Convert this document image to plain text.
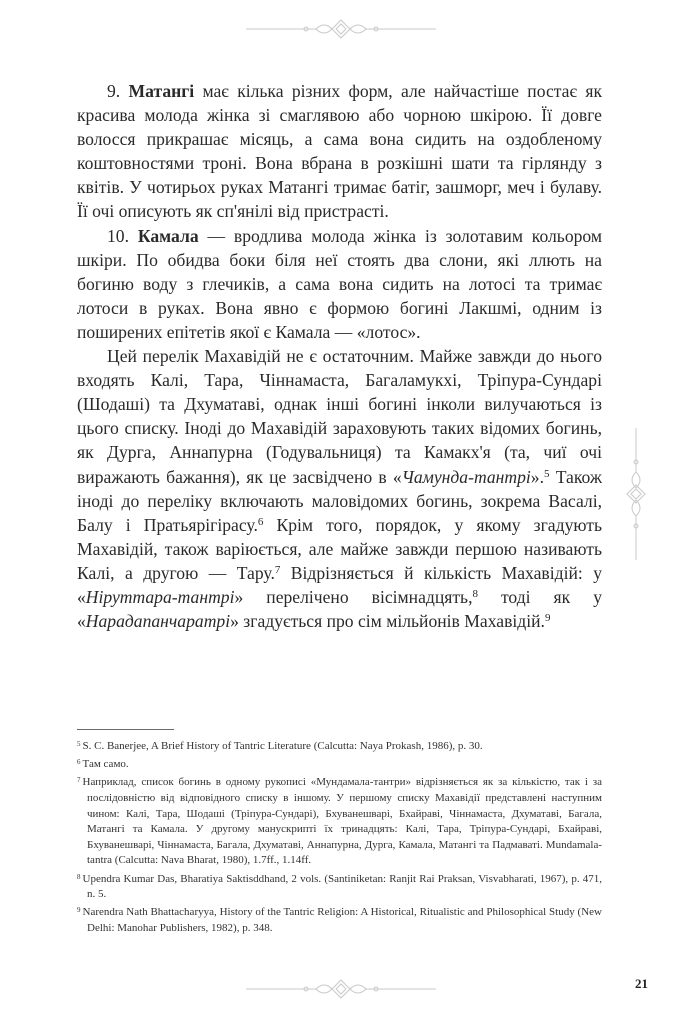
9. Матангі має кілька різних форм, але найчастіше постає як красива молода жінка зі смаглявою або чорною шкірою. Її довге волосся прикрашає місяць, а сама вона сидить на оздобленому коштовностями троні. Вона вбрана в розкішні шати та гірлянду з квітів. У чотирьох руках Матангі тримає батіг, зашморг, меч і булаву. Її очі описують як сп'янілі від пристрасті.

10. Камала — вродлива молода жінка із золотавим кольором шкіри. По обидва боки біля неї стоять два слони, які ллють на богиню воду з глечиків, а сама вона сидить на лотосі та тримає лотоси в руках. Вона явно є формою богині Лакшмі, одним із поширених епітетів якої є Камала — «лотос».

Цей перелік Махавідій не є остаточним. Майже завжди до нього входять Калі, Тара, Чіннамаста, Багаламукхі, Тріпура-Сундарі (Шодаші) та Дхуматаві, однак інші богині інколи вилучаються із цього списку. Іноді до Махавідій зараховують таких відомих богинь, як Дурга, Аннапурна (Годувальниця) та Камакх'я (та, чиї очі виражають бажання), як це засвідчено в «Чамунда-тантрі».$^5$ Також іноді до переліку включають маловідомих богинь, зокрема Васалі, Балу і Пратьярігірасу.$^6$ Крім того, порядок, у якому згадують Махавідій, також варіюється, але майже завжди першою називають Калі, а другою — Тару.$^7$ Відрізняється й кількість Махавідій: у «Ніруттара-тантрі» перелічено вісімнадцять,$^8$ тоді як у «Нарадапанчаратрі» згадується про сім мільйонів Махавідій.$^9$

$^5$ S. C. Banerjee, A Brief History of Tantric Literature (Calcutta: Naya Prokash, 1986), p. 30.

$^6$ Там само.

$^7$ Наприклад, список богинь в одному рукописі «Мундамала-тантри» відрізняється як за кількістю, так і за послідовністю від відповідного списку в іншому. У першому списку Махавідії представлені наступним чином: Калі, Тара, Шодаші (Тріпура-Сундарі), Бхуванешварі, Бхайраві, Чіннамаста, Дхуматаві, Багала, Матангі та Камала. У другому манускрипті їх тринадцять: Калі, Тара, Тріпура-Сундарі, Бхайраві, Бхуванешварі, Чіннамаста, Багала, Дхуматаві, Аннапурна, Дурга, Камала, Матангі та Падмаваті. Mundamala-tantra (Calcutta: Nava Bharat, 1980), 1.7ff., 1.14ff.

$^8$ Upendra Kumar Das, Bharatiya Saktisddhand, 2 vols. (Santiniketan: Ranjit Rai Praksan, Visvabharati, 1967), p. 471, n. 5.

$^9$ Narendra Nath Bhattacharyya, History of the Tantric Religion: A Historical, Ritualistic and Philosophical Study (New Delhi: Manohar Publishers, 1982), p. 348.

21
